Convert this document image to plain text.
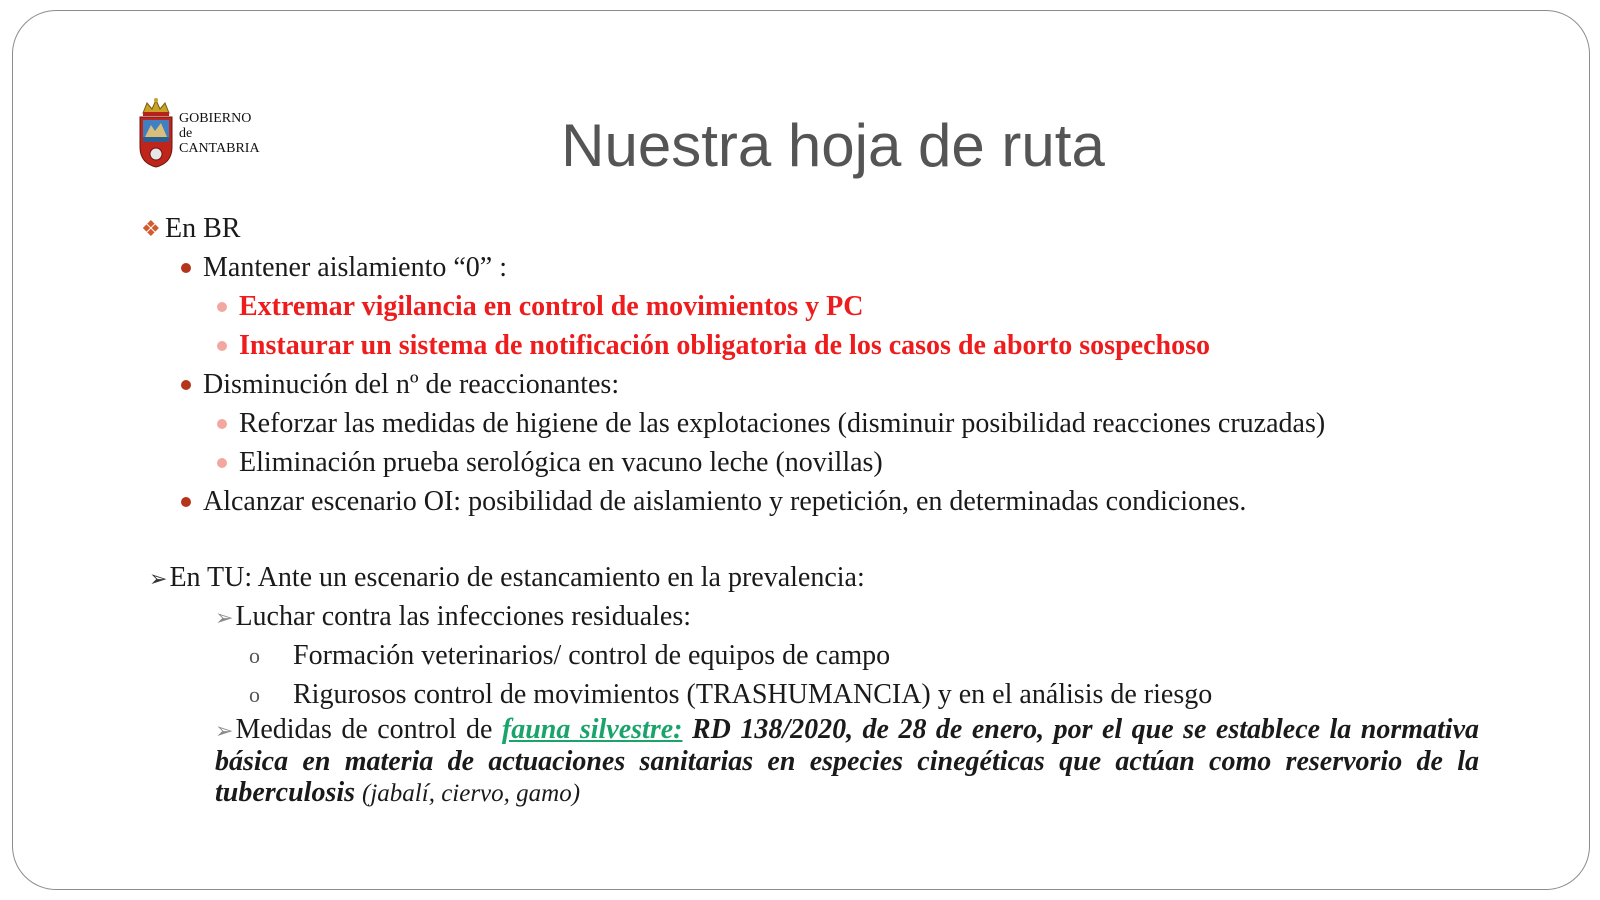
GOBIERNO
de
CANTABRIA	Nuestra hoja de ruta
❖ En BR
Mantener aislamiento “0” :
Extremar vigilancia en control de movimientos y PC
Instaurar un sistema de notificación obligatoria de los casos de aborto sospechoso
Disminución del nº de reaccionantes:
Reforzar las medidas de higiene de las explotaciones (disminuir posibilidad reacciones cruzadas)
Eliminación prueba serológica en vacuno leche (novillas)
Alcanzar escenario OI: posibilidad de aislamiento y repetición, en determinadas condiciones.
➢En TU: Ante un escenario de estancamiento en la prevalencia:
➢Luchar contra las infecciones residuales:
o Formación veterinarios/ control de equipos de campo
o Rigurosos control de movimientos (TRASHUMANCIA) y en el análisis de riesgo
➢Medidas de control de fauna silvestre: RD 138/2020, de 28 de enero, por el que se establece la normativa básica en materia de actuaciones sanitarias en especies cinegéticas que actúan como reservorio de la tuberculosis (jabalí, ciervo, gamo)
